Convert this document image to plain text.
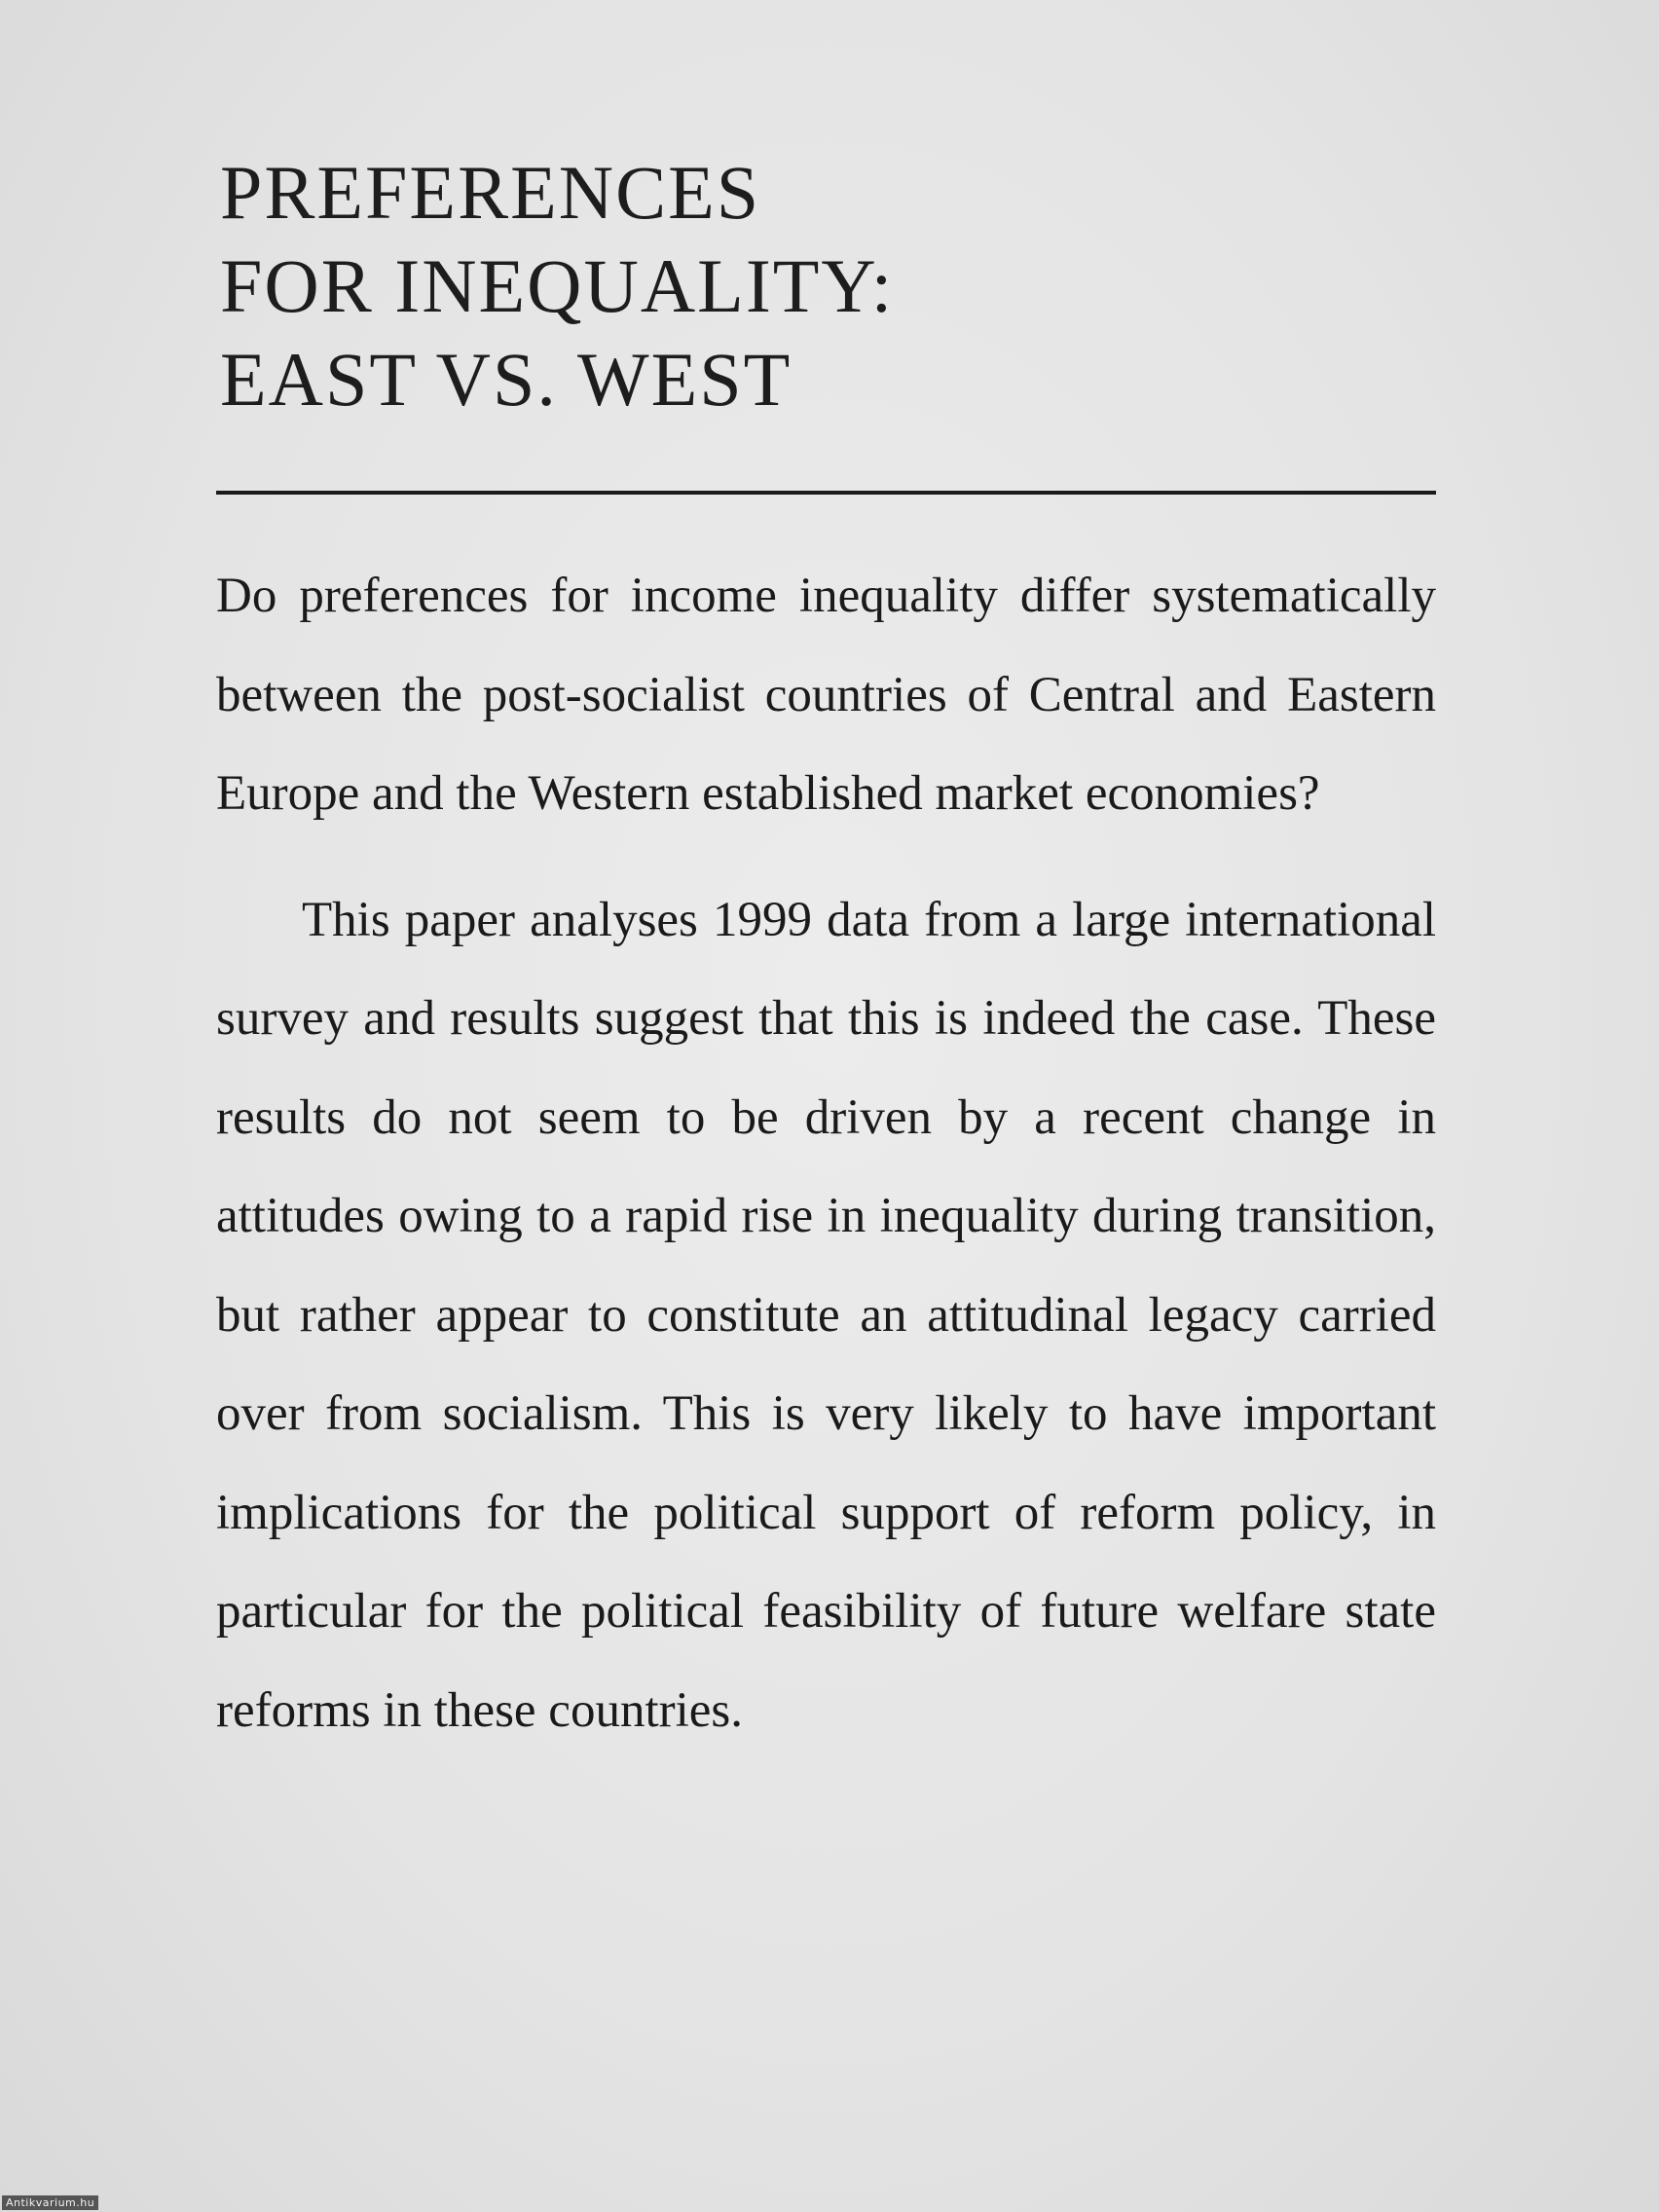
PREFERENCES
FOR INEQUALITY:
EAST VS. WEST

Do preferences for income inequality differ systematically between the post-socialist countries of Central and Eastern Europe and the Western established market economies?

This paper analyses 1999 data from a large international survey and results suggest that this is indeed the case. These results do not seem to be driven by a recent change in attitudes owing to a rapid rise in inequality during transition, but rather appear to constitute an attitudinal legacy carried over from socialism. This is very likely to have important implications for the political support of reform policy, in particular for the political feasibility of future welfare state reforms in these countries.

Antikvarium.hu
